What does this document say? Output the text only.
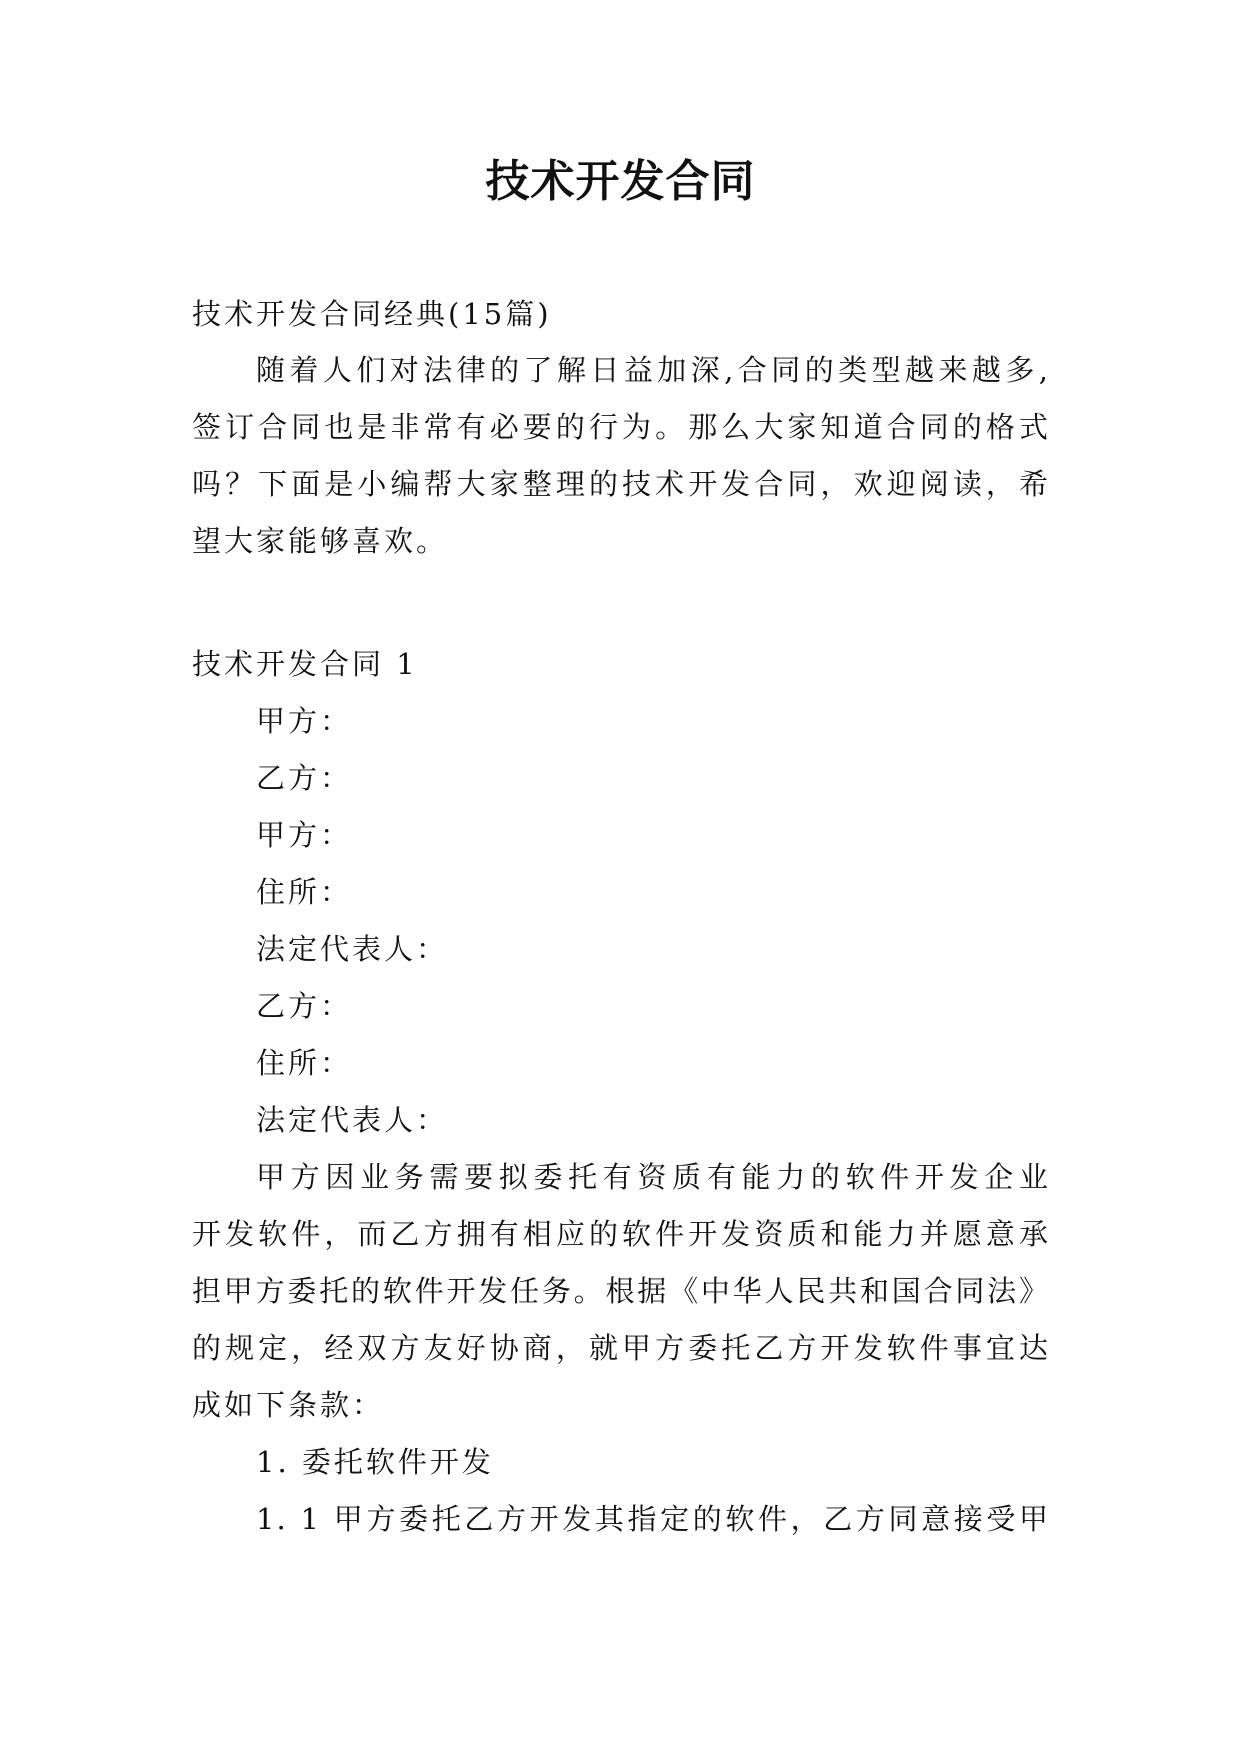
技术开发合同
技术开发合同经典(15篇)
随着人们对法律的了解日益加深,合同的类型越来越多,
签订合同也是非常有必要的行为。那么大家知道合同的格式
吗？下面是小编帮大家整理的技术开发合同，欢迎阅读，希
望大家能够喜欢。
技术开发合同 1
甲方：
乙方：
甲方：
住所：
法定代表人：
乙方：
住所：
法定代表人：
甲方因业务需要拟委托有资质有能力的软件开发企业
开发软件，而乙方拥有相应的软件开发资质和能力并愿意承
担甲方委托的软件开发任务。根据《中华人民共和国合同法》
的规定，经双方友好协商，就甲方委托乙方开发软件事宜达
成如下条款：
1. 委托软件开发
1. 1 甲方委托乙方开发其指定的软件，乙方同意接受甲
